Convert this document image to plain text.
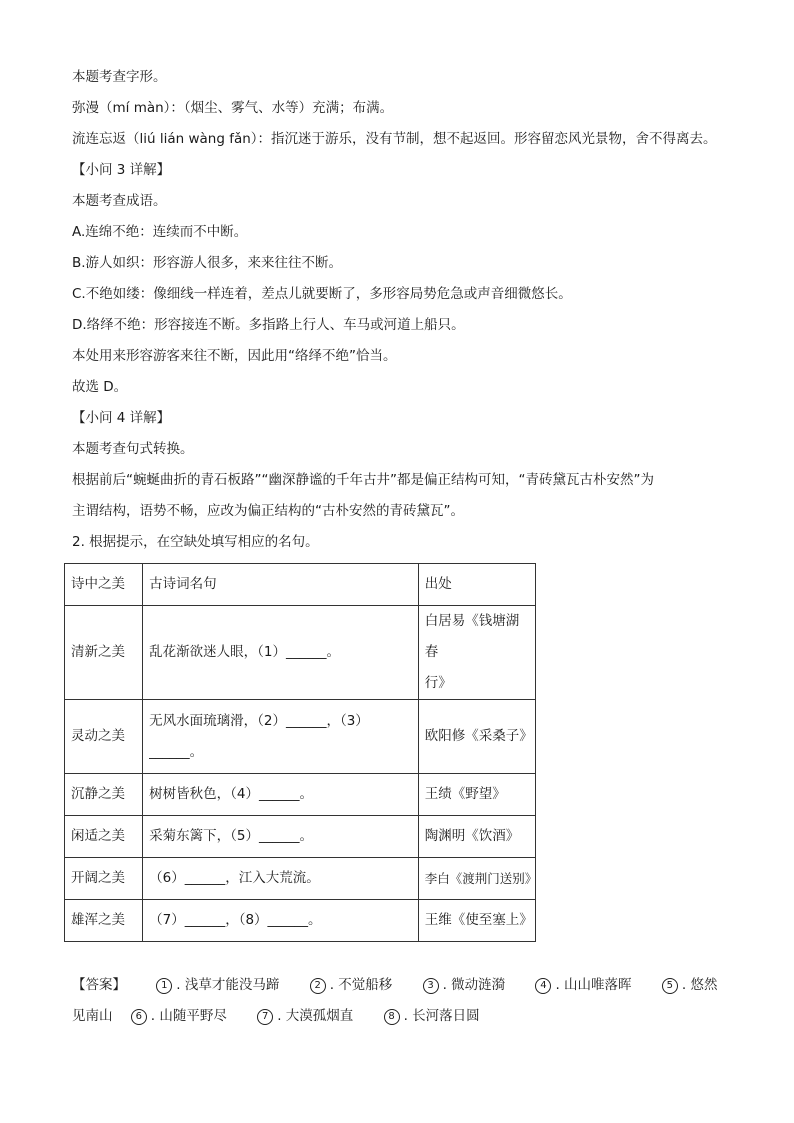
本题考查字形。
弥漫（mí màn）：（烟尘、雾气、水等）充满；布满。
流连忘返（liú lián wàng fǎn）：指沉迷于游乐，没有节制，想不起返回。形容留恋风光景物，舍不得离去。
【小问 3 详解】
本题考查成语。
A.连绵不绝：连续而不中断。
B.游人如织：形容游人很多，来来往往不断。
C.不绝如缕：像细线一样连着，差点儿就要断了，多形容局势危急或声音细微悠长。
D.络绎不绝：形容接连不断。多指路上行人、车马或河道上船只。
本处用来形容游客来往不断，因此用“络绎不绝”恰当。
故选 D。
【小问 4 详解】
本题考查句式转换。
根据前后“蜿蜒曲折的青石板路”“幽深静谧的千年古井”都是偏正结构可知，“青砖黛瓦古朴安然”为
主谓结构，语势不畅，应改为偏正结构的“古朴安然的青砖黛瓦”。
2. 根据提示，在空缺处填写相应的名句。
诗中之美	古诗词名句	出处
清新之美	乱花渐欲迷人眼，（1）______。	白居易《钱塘湖春
行》

灵动之美	无风水面琉璃滑，（2）______，（3）
______。	欧阳修《采桑子》
沉静之美	树树皆秋色，（4）______。	王绩《野望》
闲适之美	采菊东篱下，（5）______。	陶渊明《饮酒》
开阔之美	（6）______，江入大荒流。	李白《渡荆门送别》
雄浑之美	（7）______，（8）______。	王维《使至塞上》
【答案】	1 . 浅草才能没马蹄	2 . 不觉船移	3 . 微动涟漪	4 . 山山唯落晖	5 . 悠然
见南山 6 . 山随平野尽	7 . 大漠孤烟直	8 . 长河落日圆
